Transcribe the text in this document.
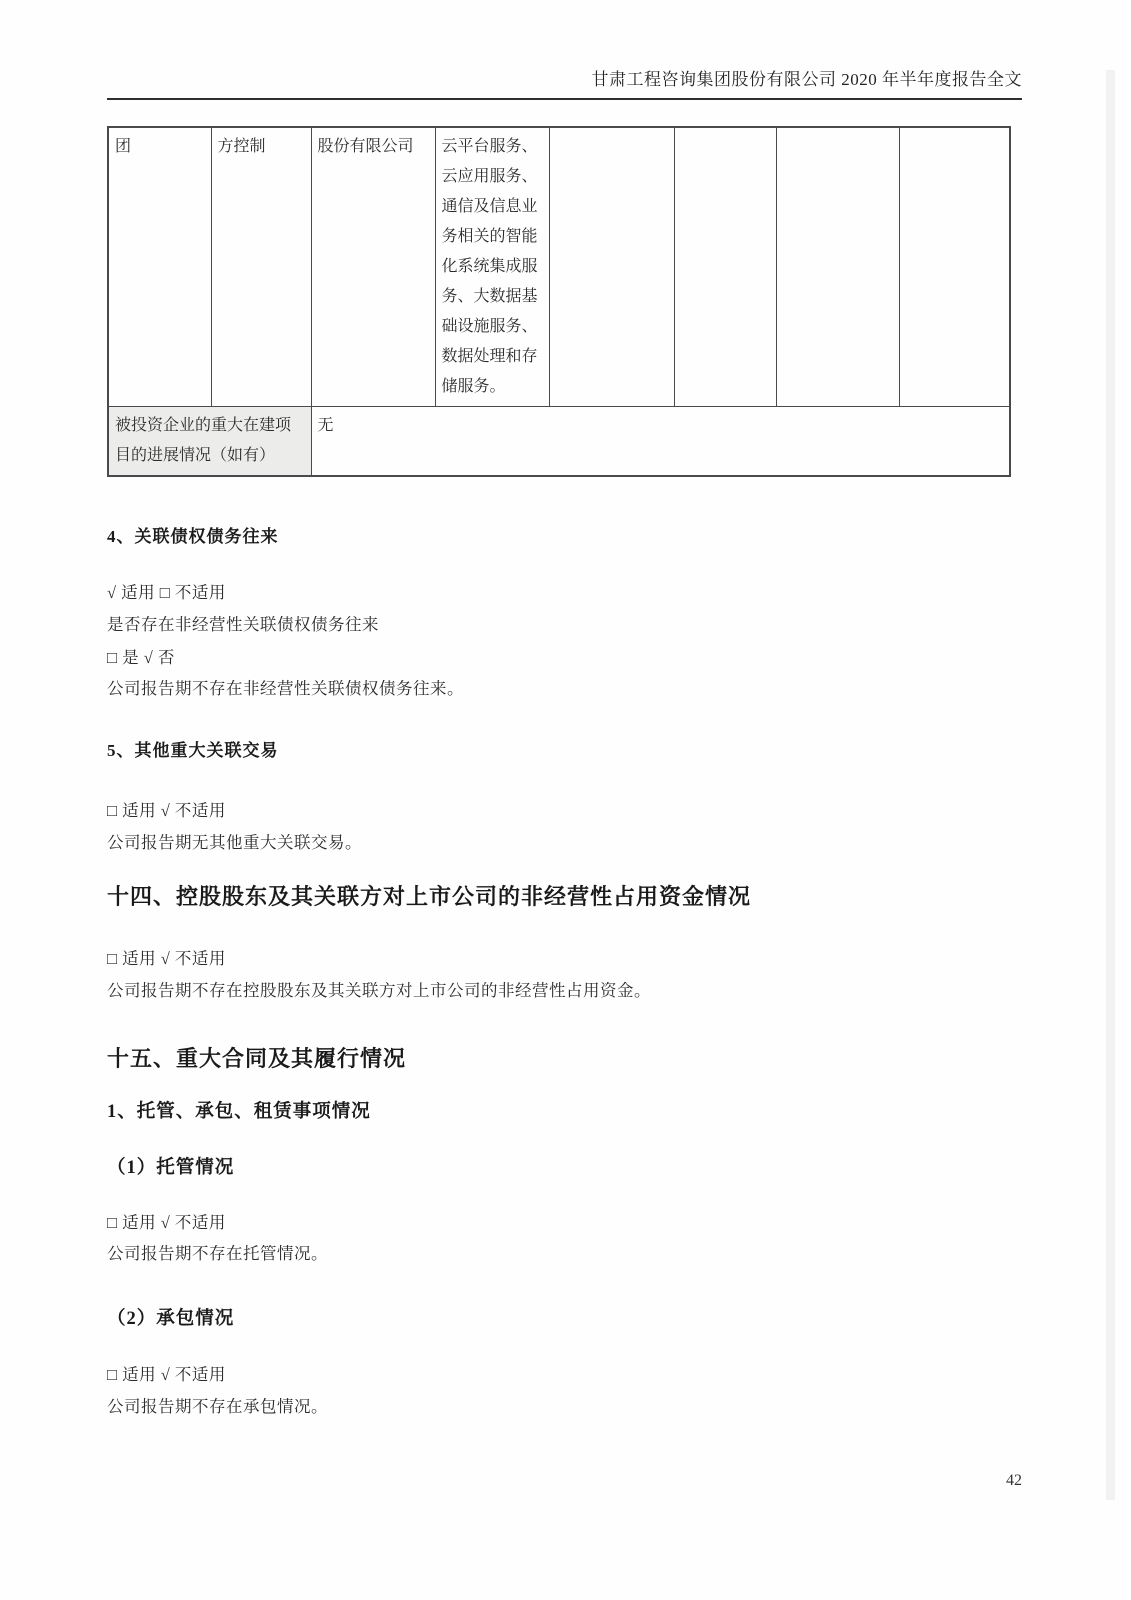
甘肃工程咨询集团股份有限公司 2020 年半年度报告全文
团	方控制	股份有限公司	云平台服务、云应用服务、通信及信息业务相关的智能化系统集成服务、大数据基础设施服务、数据处理和存储服务。				
被投资企业的重大在建项目的进展情况（如有）		无					
4、关联债权债务往来
√ 适用 □ 不适用
是否存在非经营性关联债权债务往来
□ 是 √ 否
公司报告期不存在非经营性关联债权债务往来。
5、其他重大关联交易
□ 适用 √ 不适用
公司报告期无其他重大关联交易。
十四、控股股东及其关联方对上市公司的非经营性占用资金情况
□ 适用 √ 不适用
公司报告期不存在控股股东及其关联方对上市公司的非经营性占用资金。
十五、重大合同及其履行情况
1、托管、承包、租赁事项情况
（1）托管情况
□ 适用 √ 不适用
公司报告期不存在托管情况。
（2）承包情况
□ 适用 √ 不适用
公司报告期不存在承包情况。
42
